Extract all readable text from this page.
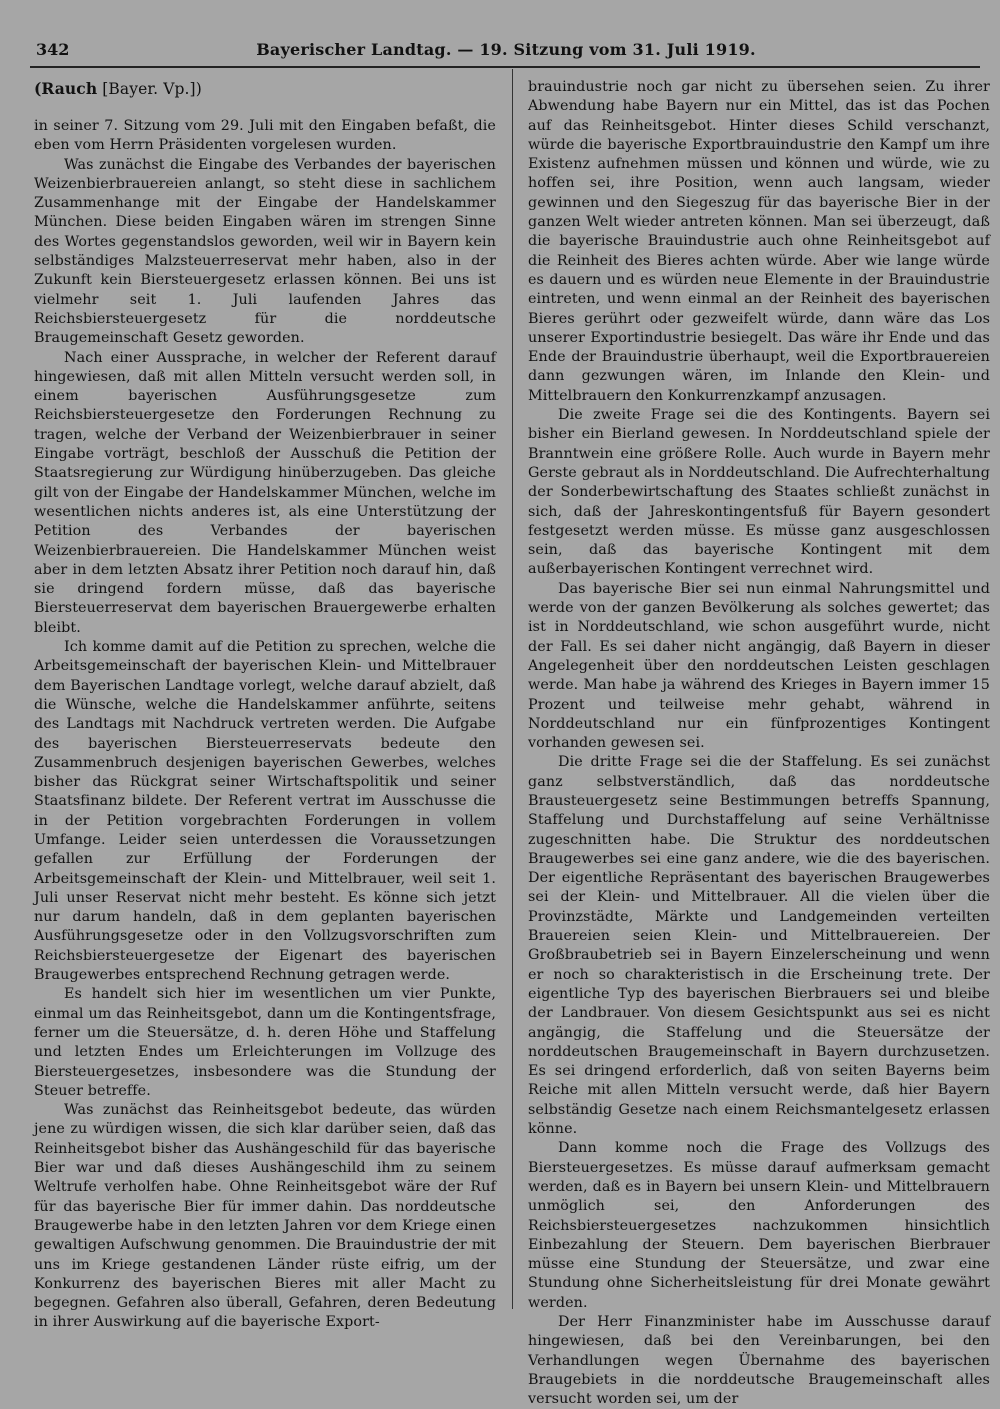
342	Bayerischer Landtag. — 19. Sitzung vom 31. Juli 1919.
(Rauch [Bayer. Vp.])

in seiner 7. Sitzung vom 29. Juli mit den Eingaben befaßt, die eben vom Herrn Präsidenten vorgelesen wurden.

Was zunächst die Eingabe des Verbandes der bayerischen Weizenbierbrauereien anlangt, so steht diese in sachlichem Zusammenhange mit der Eingabe der Handelskammer München. Diese beiden Eingaben wären im strengen Sinne des Wortes gegenstandslos geworden, weil wir in Bayern kein selbständiges Malzsteuerreservat mehr haben, also in der Zukunft kein Biersteuergesetz erlassen können. Bei uns ist vielmehr seit 1. Juli laufenden Jahres das Reichsbiersteuergesetz für die norddeutsche Braugemeinschaft Gesetz geworden.

Nach einer Aussprache, in welcher der Referent darauf hingewiesen, daß mit allen Mitteln versucht werden soll, in einem bayerischen Ausführungsgesetze zum Reichsbiersteuergesetze den Forderungen Rechnung zu tragen, welche der Verband der Weizenbierbrauer in seiner Eingabe vorträgt, beschloß der Ausschuß die Petition der Staatsregierung zur Würdigung hinüberzugeben. Das gleiche gilt von der Eingabe der Handelskammer München, welche im wesentlichen nichts anderes ist, als eine Unterstützung der Petition des Verbandes der bayerischen Weizenbierbrauereien. Die Handelskammer München weist aber in dem letzten Absatz ihrer Petition noch darauf hin, daß sie dringend fordern müsse, daß das bayerische Biersteuerreservat dem bayerischen Brauergewerbe erhalten bleibt.

Ich komme damit auf die Petition zu sprechen, welche die Arbeitsgemeinschaft der bayerischen Klein- und Mittelbrauer dem Bayerischen Landtage vorlegt, welche darauf abzielt, daß die Wünsche, welche die Handelskammer anführte, seitens des Landtags mit Nachdruck vertreten werden. Die Aufgabe des bayerischen Biersteuerreservats bedeute den Zusammenbruch desjenigen bayerischen Gewerbes, welches bisher das Rückgrat seiner Wirtschaftspolitik und seiner Staatsfinanz bildete. Der Referent vertrat im Ausschusse die in der Petition vorgebrachten Forderungen in vollem Umfange. Leider seien unterdessen die Voraussetzungen gefallen zur Erfüllung der Forderungen der Arbeitsgemeinschaft der Klein- und Mittelbrauer, weil seit 1. Juli unser Reservat nicht mehr besteht. Es könne sich jetzt nur darum handeln, daß in dem geplanten bayerischen Ausführungsgesetze oder in den Vollzugsvorschriften zum Reichsbiersteuergesetze der Eigenart des bayerischen Braugewerbes entsprechend Rechnung getragen werde.

Es handelt sich hier im wesentlichen um vier Punkte, einmal um das Reinheitsgebot, dann um die Kontingentsfrage, ferner um die Steuersätze, d. h. deren Höhe und Staffelung und letzten Endes um Erleichterungen im Vollzuge des Biersteuergesetzes, insbesondere was die Stundung der Steuer betreffe.

Was zunächst das Reinheitsgebot bedeute, das würden jene zu würdigen wissen, die sich klar darüber seien, daß das Reinheitsgebot bisher das Aushängeschild für das bayerische Bier war und daß dieses Aushängeschild ihm zu seinem Weltrufe verholfen habe. Ohne Reinheitsgebot wäre der Ruf für das bayerische Bier für immer dahin. Das norddeutsche Braugewerbe habe in den letzten Jahren vor dem Kriege einen gewaltigen Aufschwung genommen. Die Brauindustrie der mit uns im Kriege gestandenen Länder rüste eifrig, um der Konkurrenz des bayerischen Bieres mit aller Macht zu begegnen. Gefahren also überall, Gefahren, deren Bedeutung in ihrer Auswirkung auf die bayerische Export-

brauindustrie noch gar nicht zu übersehen seien. Zu ihrer Abwendung habe Bayern nur ein Mittel, das ist das Pochen auf das Reinheitsgebot. Hinter dieses Schild verschanzt, würde die bayerische Exportbrauindustrie den Kampf um ihre Existenz aufnehmen müssen und können und würde, wie zu hoffen sei, ihre Position, wenn auch langsam, wieder gewinnen und den Siegeszug für das bayerische Bier in der ganzen Welt wieder antreten können. Man sei überzeugt, daß die bayerische Brauindustrie auch ohne Reinheitsgebot auf die Reinheit des Bieres achten würde. Aber wie lange würde es dauern und es würden neue Elemente in der Brauindustrie eintreten, und wenn einmal an der Reinheit des bayerischen Bieres gerührt oder gezweifelt würde, dann wäre das Los unserer Exportindustrie besiegelt. Das wäre ihr Ende und das Ende der Brauindustrie überhaupt, weil die Exportbrauereien dann gezwungen wären, im Inlande den Klein- und Mittelbrauern den Konkurrenzkampf anzusagen.

Die zweite Frage sei die des Kontingents. Bayern sei bisher ein Bierland gewesen. In Norddeutschland spiele der Branntwein eine größere Rolle. Auch wurde in Bayern mehr Gerste gebraut als in Norddeutschland. Die Aufrechterhaltung der Sonderbewirtschaftung des Staates schließt zunächst in sich, daß der Jahreskontingentsfuß für Bayern gesondert festgesetzt werden müsse. Es müsse ganz ausgeschlossen sein, daß das bayerische Kontingent mit dem außerbayerischen Kontingent verrechnet wird.

Das bayerische Bier sei nun einmal Nahrungsmittel und werde von der ganzen Bevölkerung als solches gewertet; das ist in Norddeutschland, wie schon ausgeführt wurde, nicht der Fall. Es sei daher nicht angängig, daß Bayern in dieser Angelegenheit über den norddeutschen Leisten geschlagen werde. Man habe ja während des Krieges in Bayern immer 15 Prozent und teilweise mehr gehabt, während in Norddeutschland nur ein fünfprozentiges Kontingent vorhanden gewesen sei.

Die dritte Frage sei die der Staffelung. Es sei zunächst ganz selbstverständlich, daß das norddeutsche Brausteuergesetz seine Bestimmungen betreffs Spannung, Staffelung und Durchstaffelung auf seine Verhältnisse zugeschnitten habe. Die Struktur des norddeutschen Braugewerbes sei eine ganz andere, wie die des bayerischen. Der eigentliche Repräsentant des bayerischen Braugewerbes sei der Klein- und Mittelbrauer. All die vielen über die Provinzstädte, Märkte und Landgemeinden verteilten Brauereien seien Klein- und Mittelbrauereien. Der Großbraubetrieb sei in Bayern Einzelerscheinung und wenn er noch so charakteristisch in die Erscheinung trete. Der eigentliche Typ des bayerischen Bierbrauers sei und bleibe der Landbrauer. Von diesem Gesichtspunkt aus sei es nicht angängig, die Staffelung und die Steuersätze der norddeutschen Braugemeinschaft in Bayern durchzusetzen. Es sei dringend erforderlich, daß von seiten Bayerns beim Reiche mit allen Mitteln versucht werde, daß hier Bayern selbständig Gesetze nach einem Reichsmantelgesetz erlassen könne.

Dann komme noch die Frage des Vollzugs des Biersteuergesetzes. Es müsse darauf aufmerksam gemacht werden, daß es in Bayern bei unsern Klein- und Mittelbrauern unmöglich sei, den Anforderungen des Reichsbiersteuergesetzes nachzukommen hinsichtlich Einbezahlung der Steuern. Dem bayerischen Bierbrauer müsse eine Stundung der Steuersätze, und zwar eine Stundung ohne Sicherheitsleistung für drei Monate gewährt werden.

Der Herr Finanzminister habe im Ausschusse darauf hingewiesen, daß bei den Vereinbarungen, bei den Verhandlungen wegen Übernahme des bayerischen Braugebiets in die norddeutsche Braugemeinschaft alles versucht worden sei, um der
